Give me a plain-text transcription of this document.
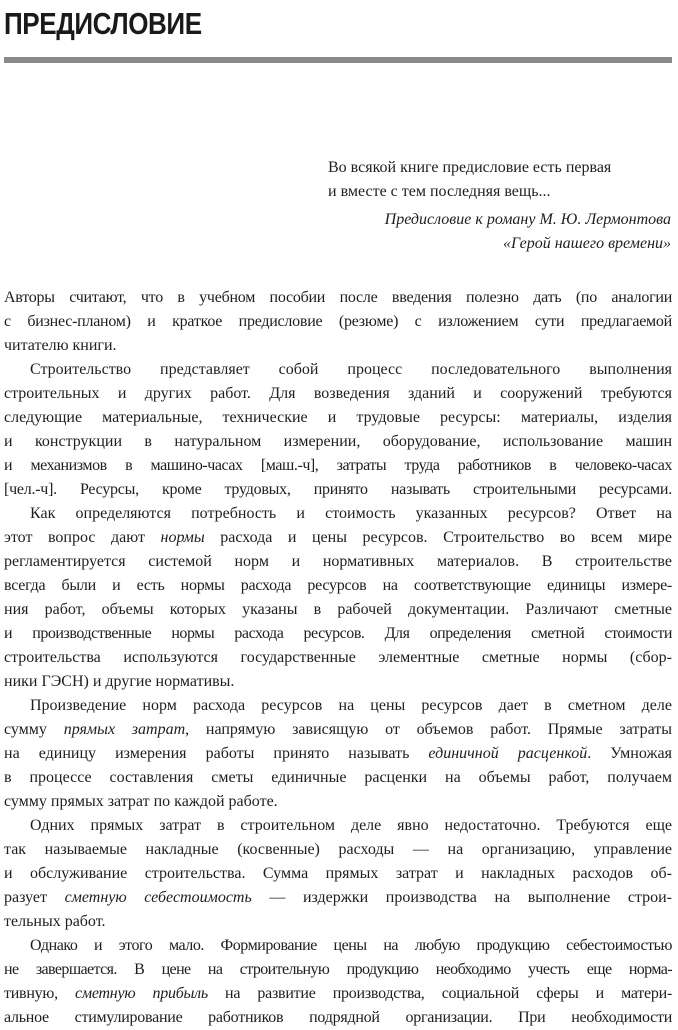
ПРЕДИСЛОВИЕ
Во всякой книге предисловие есть первая
и вместе с тем последняя вещь...
Предисловие к роману М. Ю. Лермонтова
«Герой нашего времени»
Авторы считают, что в учебном пособии после введения полезно дать (по аналогии
с бизнес-планом) и краткое предисловие (резюме) с изложением сути предлагаемой
читателю книги.
Строительство представляет собой процесс последовательного выполнения
строительных и других работ. Для возведения зданий и сооружений требуются
следующие материальные, технические и трудовые ресурсы: материалы, изделия
и конструкции в натуральном измерении, оборудование, использование машин
и механизмов в машино-часах [маш.-ч], затраты труда работников в человеко-часах
[чел.-ч]. Ресурсы, кроме трудовых, принято называть строительными ресурсами.
Как определяются потребность и стоимость указанных ресурсов? Ответ на
этот вопрос дают нормы расхода и цены ресурсов. Строительство во всем мире
регламентируется системой норм и нормативных материалов. В строительстве
всегда были и есть нормы расхода ресурсов на соответствующие единицы измере-
ния работ, объемы которых указаны в рабочей документации. Различают сметные
и производственные нормы расхода ресурсов. Для определения сметной стоимости
строительства используются государственные элементные сметные нормы (сбор-
ники ГЭСН) и другие нормативы.
Произведение норм расхода ресурсов на цены ресурсов дает в сметном деле
сумму прямых затрат, напрямую зависящую от объемов работ. Прямые затраты
на единицу измерения работы принято называть единичной расценкой. Умножая
в процессе составления сметы единичные расценки на объемы работ, получаем
сумму прямых затрат по каждой работе.
Одних прямых затрат в строительном деле явно недостаточно. Требуются еще
так называемые накладные (косвенные) расходы — на организацию, управление
и обслуживание строительства. Сумма прямых затрат и накладных расходов об-
разует сметную себестоимость — издержки производства на выполнение строи-
тельных работ.
Однако и этого мало. Формирование цены на любую продукцию себестоимостью
не завершается. В цене на строительную продукцию необходимо учесть еще норма-
тивную, сметную прибыль на развитие производства, социальной сферы и матери-
альное стимулирование работников подрядной организации. При необходимости
